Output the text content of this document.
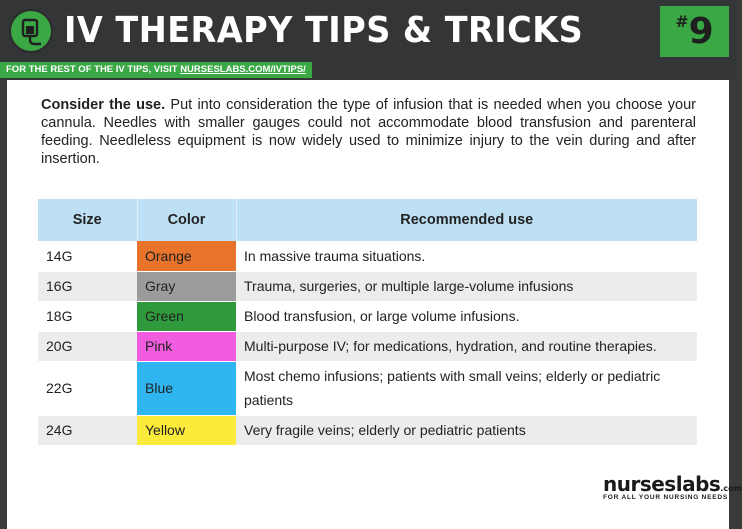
IV THERAPY TIPS & TRICKS	#9
FOR THE REST OF THE IV TIPS, VISIT NURSESLABS.COM/IVTIPS/

Consider the use. Put into consideration the type of infusion that is needed when you choose your cannula. Needles with smaller gauges could not accommodate blood transfusion and parenteral feeding. Needleless equipment is now widely used to minimize injury to the vein during and after insertion.

Size	Color	Recommended use
14G	Orange	In massive trauma situations.
16G	Gray	Trauma, surgeries, or multiple large-volume infusions
18G	Green	Blood transfusion, or large volume infusions.
20G	Pink	Multi-purpose IV; for medications, hydration, and routine therapies.
22G	Blue	Most chemo infusions; patients with small veins; elderly or pediatric patients
24G	Yellow	Very fragile veins; elderly or pediatric patients
nurseslabs.com
FOR ALL YOUR NURSING NEEDS
